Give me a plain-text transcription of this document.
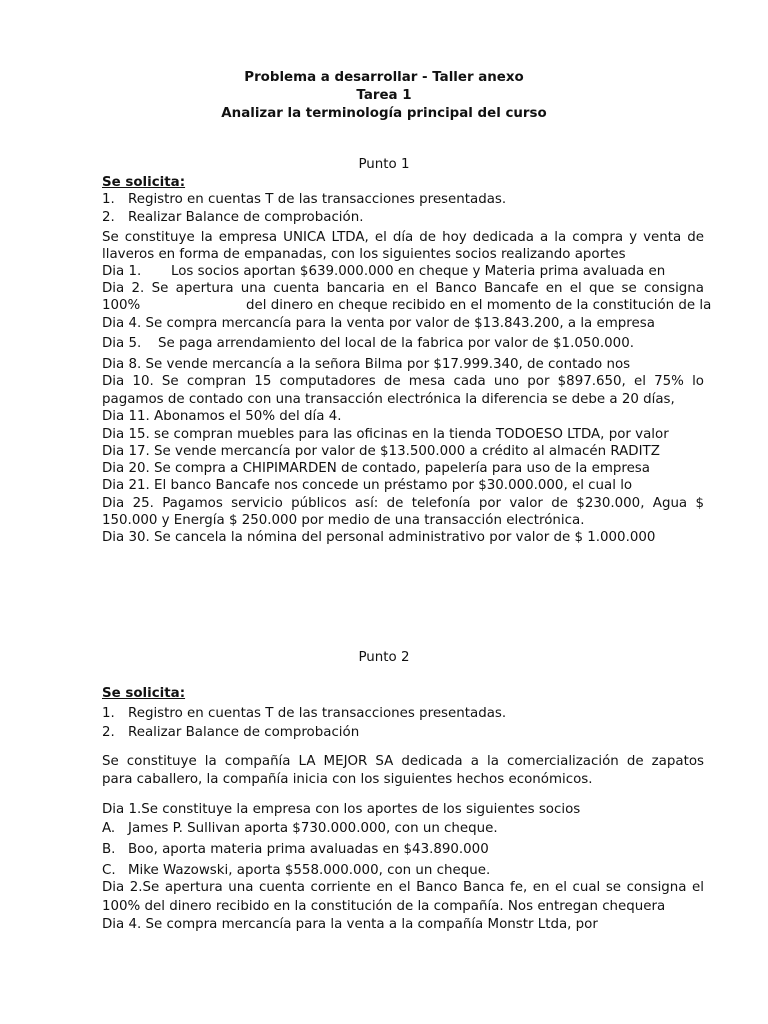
Problema a desarrollar - Taller anexo
Tarea 1
Analizar la terminología principal del curso
Punto 1
Se solicita:
1. Registro en cuentas T de las transacciones presentadas.
2. Realizar Balance de comprobación.
Se constituye la empresa UNICA LTDA, el día de hoy dedicada a la compra y venta de
llaveros en forma de empanadas, con los siguientes socios realizando aportes
Dia 1. Los socios aportan $639.000.000 en cheque y Materia prima avaluada en
Dia 2. Se apertura una cuenta bancaria en el Banco Bancafe en el que se consigna
100%	del dinero en cheque recibido en el momento de la constitución de la
Dia 4. Se compra mercancía para la venta por valor de $13.843.200, a la empresa
Dia 5. Se paga arrendamiento del local de la fabrica por valor de $1.050.000.
Dia 8. Se vende mercancía a la señora Bilma por $17.999.340, de contado nos
Dia 10. Se compran 15 computadores de mesa cada uno por $897.650, el 75% lo
pagamos de contado con una transacción electrónica la diferencia se debe a 20 días,
Dia 11. Abonamos el 50% del día 4.
Dia 15. se compran muebles para las oficinas en la tienda TODOESO LTDA, por valor
Dia 17. Se vende mercancía por valor de $13.500.000 a crédito al almacén RADITZ
Dia 20. Se compra a CHIPIMARDEN de contado, papelería para uso de la empresa
Dia 21. El banco Bancafe nos concede un préstamo por $30.000.000, el cual lo
Dia 25. Pagamos servicio públicos así: de telefonía por valor de $230.000, Agua $
150.000 y Energía $ 250.000 por medio de una transacción electrónica.
Dia 30. Se cancela la nómina del personal administrativo por valor de $ 1.000.000
Punto 2
Se solicita:
1. Registro en cuentas T de las transacciones presentadas.
2. Realizar Balance de comprobación
Se constituye la compañía LA MEJOR SA dedicada a la comercialización de zapatos
para caballero, la compañía inicia con los siguientes hechos económicos.
Dia 1.Se constituye la empresa con los aportes de los siguientes socios
A. James P. Sullivan aporta $730.000.000, con un cheque.
B. Boo, aporta materia prima avaluadas en $43.890.000
C. Mike Wazowski, aporta $558.000.000, con un cheque.
Dia 2.Se apertura una cuenta corriente en el Banco Banca fe, en el cual se consigna el
100% del dinero recibido en la constitución de la compañía. Nos entregan chequera
Dia 4. Se compra mercancía para la venta a la compañía Monstr Ltda, por
